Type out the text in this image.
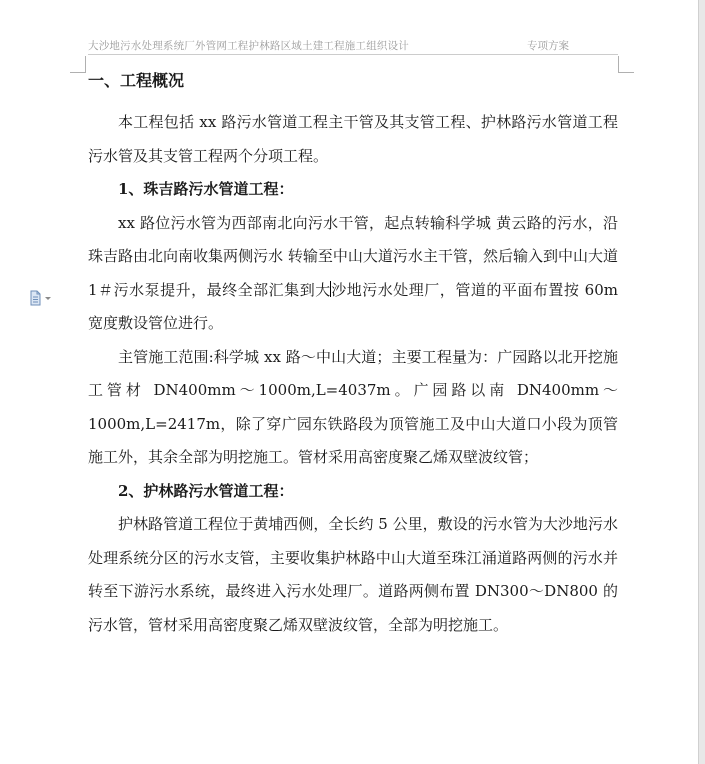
大沙地污水处理系统厂外管网工程护林路区域土建工程施工组织设计	专项方案

一、工程概况

本工程包括 xx 路污水管道工程主干管及其支管工程、护林路污水管道工程污水管及其支管工程两个分项工程。

1、珠吉路污水管道工程：

xx 路位污水管为西部南北向污水干管，起点转输科学城 黄云路的污水，沿珠吉路由北向南收集两侧污水 转输至中山大道污水主干管，然后输入到中山大道 1＃污水泵提升，最终全部汇集到大沙地污水处理厂，管道的平面布置按 60m 宽度敷设管位进行。

主管施工范围:科学城 xx 路～中山大道；主要工程量为：广园路以北开挖施工管材 DN400mm～1000m,L=4037m。广园路以南 DN400mm～1000m,L=2417m，除了穿广园东铁路段为顶管施工及中山大道口小段为顶管施工外，其余全部为明挖施工。管材采用高密度聚乙烯双壁波纹管；

2、护林路污水管道工程：

护林路管道工程位于黄埔西侧，全长约 5 公里，敷设的污水管为大沙地污水处理系统分区的污水支管，主要收集护林路中山大道至珠江涌道路两侧的污水并转至下游污水系统，最终进入污水处理厂。道路两侧布置 DN300～DN800 的污水管，管材采用高密度聚乙烯双壁波纹管，全部为明挖施工。
